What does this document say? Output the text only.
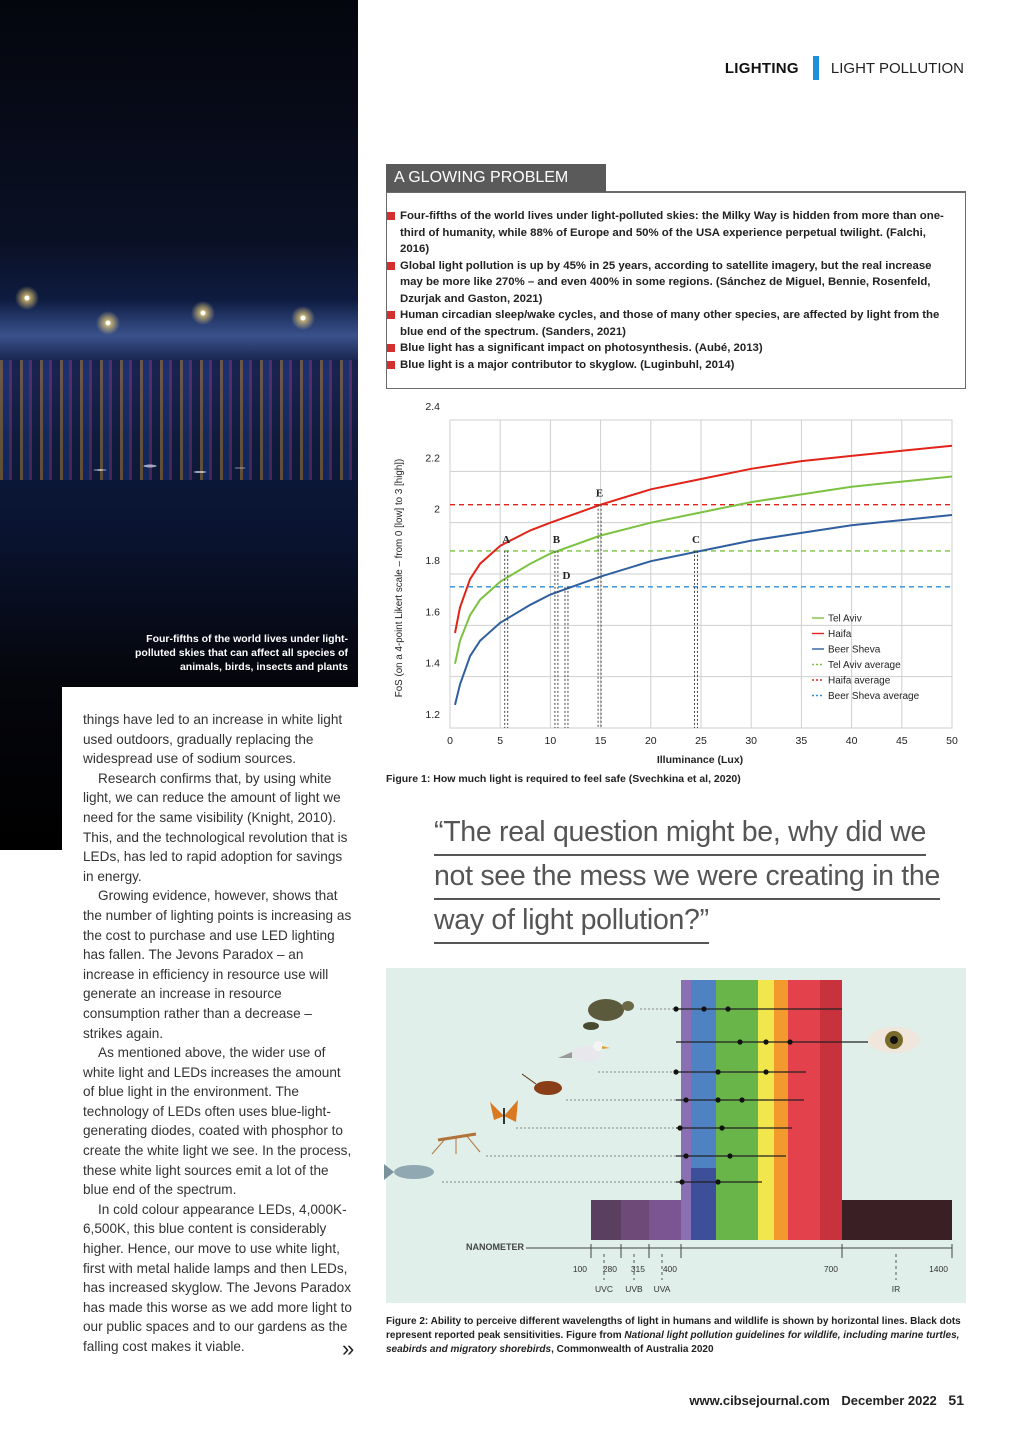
LIGHTING LIGHT POLLUTION
Four-fifths of the world lives under light-polluted skies that can affect all species of animals, birds, insects and plants

things have led to an increase in white light used outdoors, gradually replacing the widespread use of sodium sources.

Research confirms that, by using white light, we can reduce the amount of light we need for the same visibility (Knight, 2010). This, and the technological revolution that is LEDs, has led to rapid adoption for savings in energy.

Growing evidence, however, shows that the number of lighting points is increasing as the cost to purchase and use LED lighting has fallen. The Jevons Paradox – an increase in efficiency in resource use will generate an increase in resource consumption rather than a decrease – strikes again.

As mentioned above, the wider use of white light and LEDs increases the amount of blue light in the environment. The technology of LEDs often uses blue-light-generating diodes, coated with phosphor to create the white light we see. In the process, these white light sources emit a lot of the blue end of the spectrum.

In cold colour appearance LEDs, 4,000K-6,500K, this blue content is considerably higher. Hence, our move to use white light, first with metal halide lamps and then LEDs, has increased skyglow. The Jevons Paradox has made this worse as we add more light to our public spaces and to our gardens as the falling cost makes it viable.	»
A GLOWING PROBLEM
Four-fifths of the world lives under light-polluted skies: the Milky Way is hidden from more than one-third of humanity, while 88% of Europe and 50% of the USA experience perpetual twilight. (Falchi, 2016)
Global light pollution is up by 45% in 25 years, according to satellite imagery, but the real increase may be more like 270% – and even 400% in some regions. (Sánchez de Miguel, Bennie, Rosenfeld, Dzurjak and Gaston, 2021)
Human circadian sleep/wake cycles, and those of many other species, are affected by light from the blue end of the spectrum. (Sanders, 2021)
Blue light has a significant impact on photosynthesis. (Aubé, 2013)
Blue light is a major contributor to skyglow. (Luginbuhl, 2014)
A	B	C
D
E
0	5	10	15	20	25	30	35	40	45	50
1.2
1.4
1.6
1.8
2
2.2
2.4
Illuminance (Lux)
FoS (on a 4-point Likert scale – from 0 [low] to 3 [high])	Tel Aviv
Haifa
Beer Sheva
Tel Aviv average
Haifa average
Beer Sheva average
Figure 1: How much light is required to feel safe (Svechkina et al, 2020)
“The real question might be, why did we
not see the mess we were creating in the
way of light pollution?”
NANOMETER
100 280 315 400	700	1400
UVC UVB UVA	IR
Figure 2: Ability to perceive different wavelengths of light in humans and wildlife is shown by horizontal lines. Black dots represent reported peak sensitivities. Figure from National light pollution guidelines for wildlife, including marine turtles, seabirds and migratory shorebirds, Commonwealth of Australia 2020
www.cibsejournal.com December 2022 51
